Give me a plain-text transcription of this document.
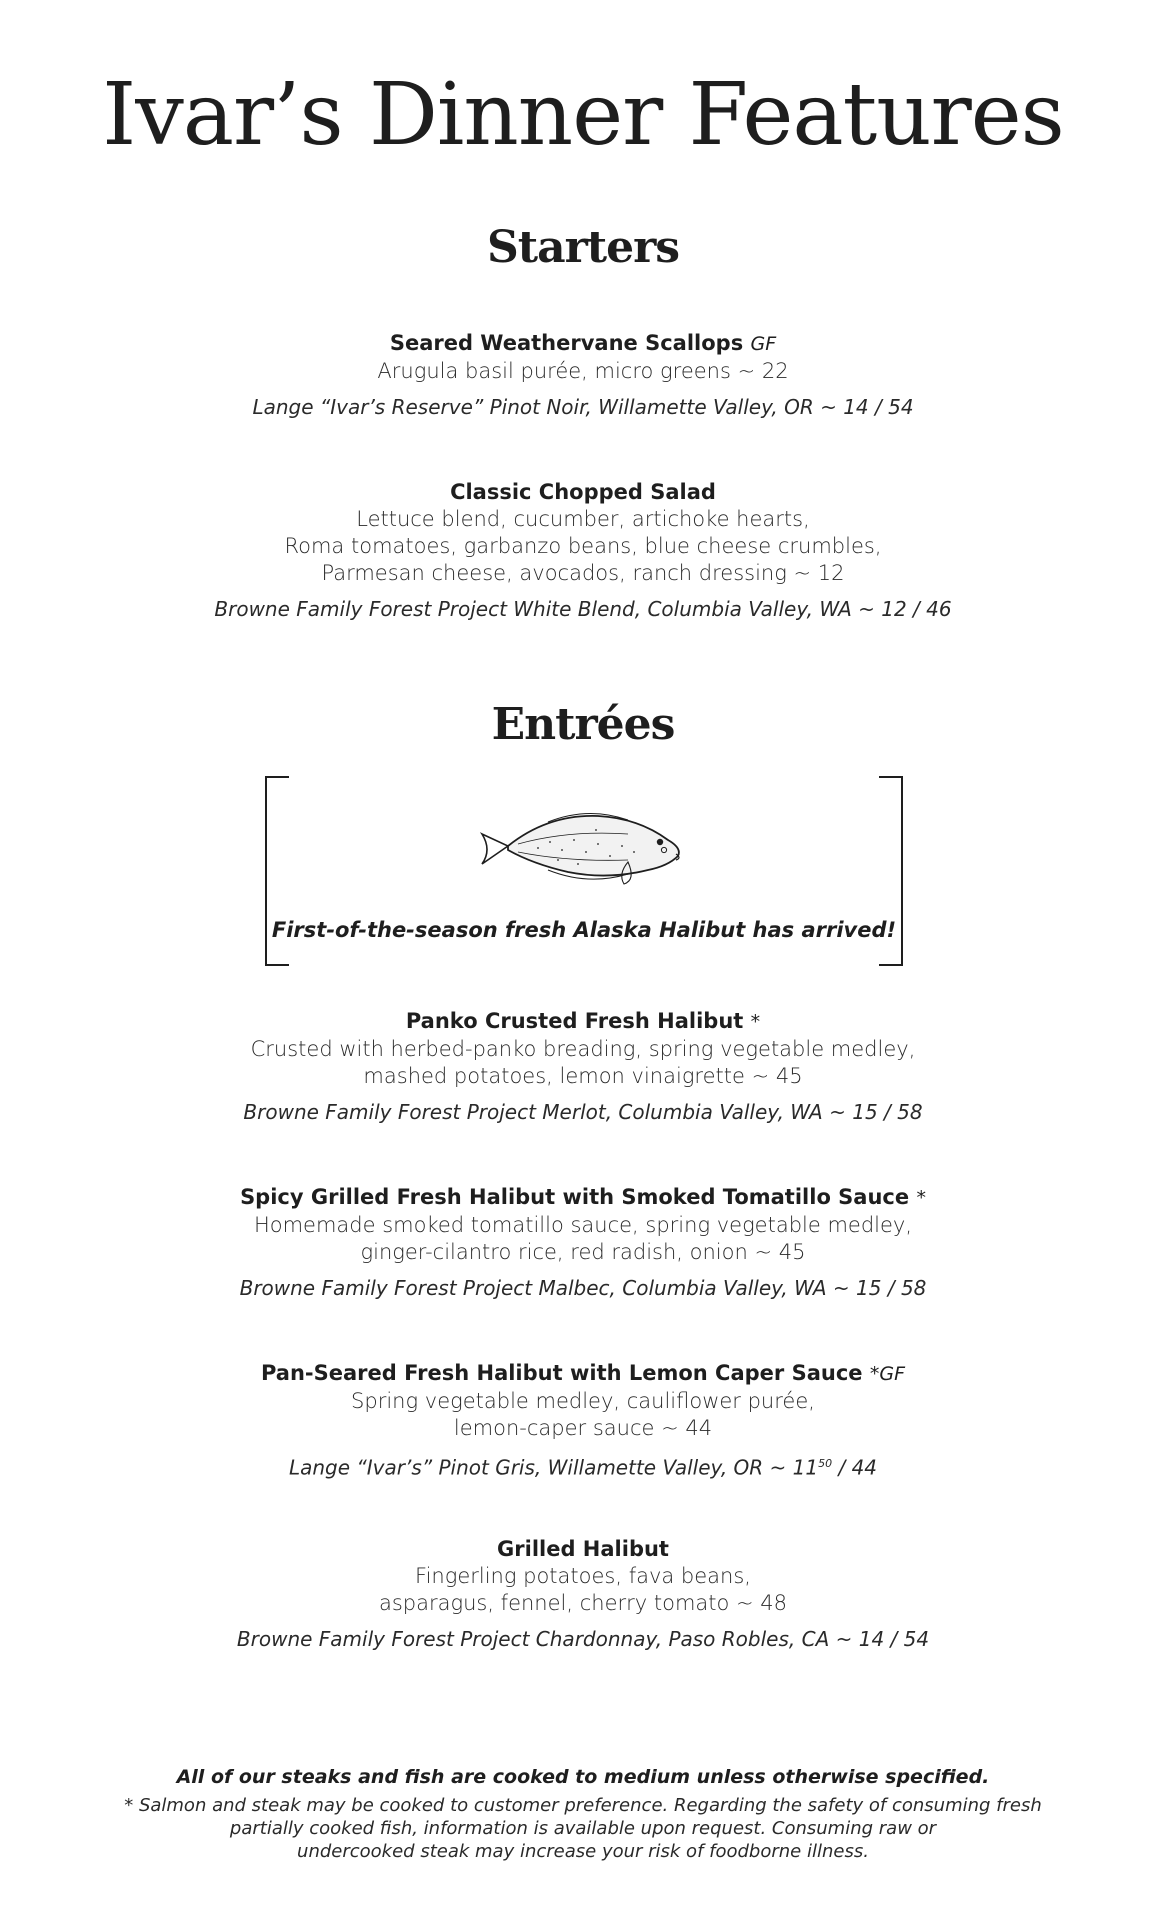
Ivar’s Dinner Features
Starters
Seared Weathervane Scallops GF
Arugula basil purée, micro greens ~ 22
Lange “Ivar’s Reserve” Pinot Noir, Willamette Valley, OR ~ 14 / 54
Classic Chopped Salad
Lettuce blend, cucumber, artichoke hearts,
Roma tomatoes, garbanzo beans, blue cheese crumbles,
Parmesan cheese, avocados, ranch dressing ~ 12
Browne Family Forest Project White Blend, Columbia Valley, WA ~ 12 / 46
Entrées
First-of-the-season fresh Alaska Halibut has arrived!
Panko Crusted Fresh Halibut *
Crusted with herbed-panko breading, spring vegetable medley,
mashed potatoes, lemon vinaigrette ~ 45
Browne Family Forest Project Merlot, Columbia Valley, WA ~ 15 / 58
Spicy Grilled Fresh Halibut with Smoked Tomatillo Sauce *
Homemade smoked tomatillo sauce, spring vegetable medley,
ginger-cilantro rice, red radish, onion ~ 45
Browne Family Forest Project Malbec, Columbia Valley, WA ~ 15 / 58
Pan-Seared Fresh Halibut with Lemon Caper Sauce *GF
Spring vegetable medley, cauliflower purée,
lemon-caper sauce ~ 44
Lange “Ivar’s” Pinot Gris, Willamette Valley, OR ~ $11^{50} / 44$
Grilled Halibut
Fingerling potatoes, fava beans,
asparagus, fennel, cherry tomato ~ 48
Browne Family Forest Project Chardonnay, Paso Robles, CA ~ 14 / 54
All of our steaks and fish are cooked to medium unless otherwise specified.
* Salmon and steak may be cooked to customer preference. Regarding the safety of consuming fresh
partially cooked fish, information is available upon request. Consuming raw or
undercooked steak may increase your risk of foodborne illness.
